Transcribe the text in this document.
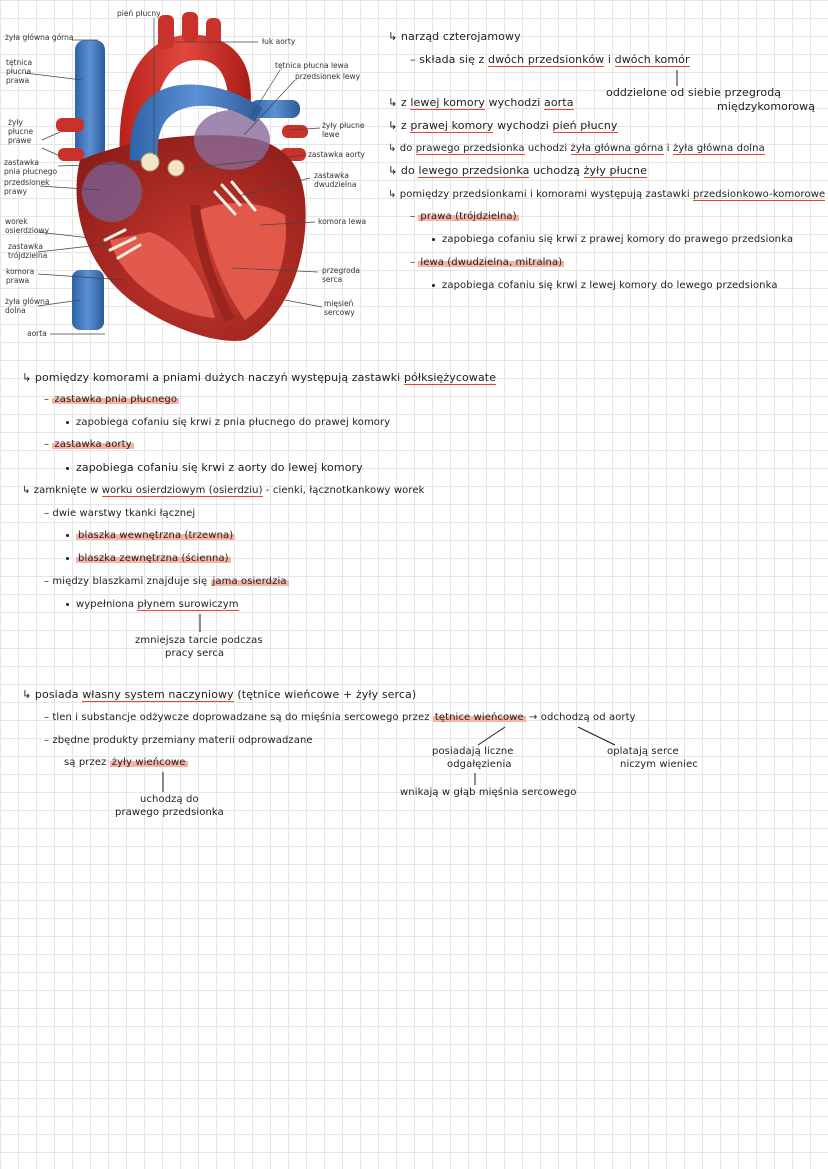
żyła główna górna
tętnica
płucna
prawa
żyły
płucne
prawe
zastawka
pnia płucnego
przedsionek
prawy
worek
osierdziowy
zastawka
trójdzielna
komora
prawa
żyła główna
dolna
aorta
pień płucny
łuk aorty
tętnica płucna lewa
przedsionek lewy
żyły płucne
lewe
zastawka aorty
zastawka
dwudzielna
komora lewa
przegroda
serca
mięsień
sercowy
↳ narząd czterojamowy
– składa się z dwóch przedsionków i dwóch komór
oddzielone od siebie przegrodą
międzykomorową
↳ z lewej komory wychodzi aorta
↳ z prawej komory wychodzi pień płucny
↳ do prawego przedsionka uchodzi żyła główna górna i żyła główna dolna
↳ do lewego przedsionka uchodzą żyły płucne
↳ pomiędzy przedsionkami i komorami występują zastawki przedsionkowo-komorowe
– prawa (trójdzielna)
zapobiega cofaniu się krwi z prawej komory do prawego przedsionka
– lewa (dwudzielna, mitralna)
zapobiega cofaniu się krwi z lewej komory do lewego przedsionka
↳ pomiędzy komorami a pniami dużych naczyń występują zastawki półksiężycowate
– zastawka pnia płucnego
zapobiega cofaniu się krwi z pnia płucnego do prawej komory
– zastawka aorty
zapobiega cofaniu się krwi z aorty do lewej komory
↳ zamknięte w worku osierdziowym (osierdziu) - cienki, łącznotkankowy worek
– dwie warstwy tkanki łącznej
blaszka wewnętrzna (trzewna)
blaszka zewnętrzna (ścienna)
– między blaszkami znajduje się jama osierdzia
wypełniona płynem surowiczym
zmniejsza tarcie podczas
pracy serca
↳ posiada własny system naczyniowy (tętnice wieńcowe + żyły serca)
– tlen i substancje odżywcze doprowadzane są do mięśnia sercowego przez tętnice wieńcowe → odchodzą od aorty
– zbędne produkty przemiany materii odprowadzane
są przez żyły wieńcowe
uchodzą do
prawego przedsionka
posiadają liczne
odgałęzienia
oplatają serce
niczym wieniec
wnikają w głąb mięśnia sercowego
